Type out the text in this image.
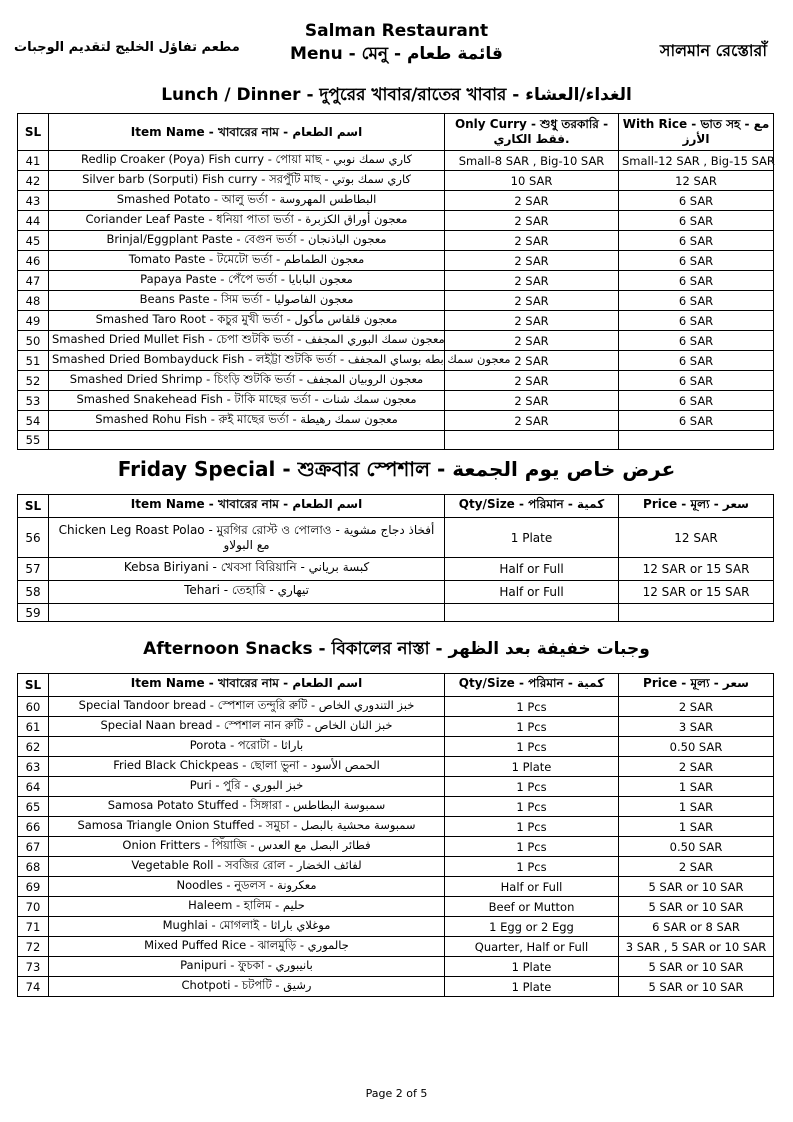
مطعم تفاؤل الخليج لتقديم الوجبات
Salman Restaurant
Menu - মেনু - قائمة طعام	সালমান রেস্তোরাঁ
Lunch / Dinner - দুপুরের খাবার/রাতের খাবার - الغداء/العشاء
SL	Item Name - খাবারের নাম - اسم الطعام	Only Curry - শুধু তরকারি - فقط الكاري.	With Rice - ভাত সহ - مع الأرز
41	Redlip Croaker (Poya) Fish curry - পোয়া মাছ - كاري سمك نوبي	Small-8 SAR , Big-10 SAR	Small-12 SAR , Big-15 SAR
42	Silver barb (Sorputi) Fish curry - সরপুঁটি মাছ - كاري سمك بوتي	10 SAR	12 SAR
43	Smashed Potato - আলু ভর্তা - البطاطس المهروسة	2 SAR	6 SAR
44	Coriander Leaf Paste - ধনিয়া পাতা ভর্তা - معجون أوراق الكزبرة	2 SAR	6 SAR
45	Brinjal/Eggplant Paste - বেগুন ভর্তা - معجون الباذنجان	2 SAR	6 SAR
46	Tomato Paste - টমেটো ভর্তা - معجون الطماطم	2 SAR	6 SAR
47	Papaya Paste - পেঁপে ভর্তা - معجون البابايا	2 SAR	6 SAR
48	Beans Paste - সিম ভর্তা - معجون الفاصوليا	2 SAR	6 SAR
49	Smashed Taro Root - কচুর মুখী ভর্তা - معجون قلقاس مأكول	2 SAR	6 SAR
50	Smashed Dried Mullet Fish - চেপা শুটকি ভর্তা - معجون سمك البوري المجفف	2 SAR	6 SAR
51	Smashed Dried Bombayduck Fish - লইট্টা শুটকি ভর্তা - معجون سمك بطه بوساي المجفف	2 SAR	6 SAR
52	Smashed Dried Shrimp - চিংড়ি শুটকি ভর্তা - معجون الروبيان المجفف	2 SAR	6 SAR
53	Smashed Snakehead Fish - টাকি মাছের ভর্তা - معجون سمك شنات	2 SAR	6 SAR
54	Smashed Rohu Fish - রুই মাছের ভর্তা - معجون سمك رهيطة	2 SAR	6 SAR
55			
Friday Special - শুক্রবার স্পেশাল - عرض خاص يوم الجمعة
SL	Item Name - খাবারের নাম - اسم الطعام	Qty/Size - পরিমান - كمية	Price - মূল্য - سعر
56	Chicken Leg Roast Polao - মুরগির রোস্ট ও পোলাও - أفخاذ دجاج مشوية مع البولاو	1 Plate	12 SAR
57	Kebsa Biriyani - খেবসা বিরিয়ানি - كبسة برياني	Half or Full	12 SAR or 15 SAR
58	Tehari - তেহারি - تيهاري	Half or Full	12 SAR or 15 SAR
59			
Afternoon Snacks - বিকালের নাস্তা - وجبات خفيفة بعد الظهر
SL	Item Name - খাবারের নাম - اسم الطعام	Qty/Size - পরিমান - كمية	Price - মূল্য - سعر
60	Special Tandoor bread - স্পেশাল তন্দুরি রুটি - خبز التندوري الخاص	1 Pcs	2 SAR
61	Special Naan bread - স্পেশাল নান রুটি - خبز النان الخاص	1 Pcs	3 SAR
62	Porota - পরোটা - باراثا	1 Pcs	0.50 SAR
63	Fried Black Chickpeas - ছোলা ভুনা - الحمص الأسود	1 Plate	2 SAR
64	Puri - পুরি - خبز البوري	1 Pcs	1 SAR
65	Samosa Potato Stuffed - সিঙ্গারা - سمبوسة البطاطس	1 Pcs	1 SAR
66	Samosa Triangle Onion Stuffed - সমুচা - سمبوسة محشية بالبصل	1 Pcs	1 SAR
67	Onion Fritters - পিঁয়াজি - فطائر البصل مع العدس	1 Pcs	0.50 SAR
68	Vegetable Roll - সবজির রোল - لفائف الخضار	1 Pcs	2 SAR
69	Noodles - নুডলস - معكرونة	Half or Full	5 SAR or 10 SAR
70	Haleem - হালিম - حليم	Beef or Mutton	5 SAR or 10 SAR
71	Mughlai - মোগলাই - موغلاي باراثا	1 Egg or 2 Egg	6 SAR or 8 SAR
72	Mixed Puffed Rice - ঝালমুড়ি - جالموري	Quarter, Half or Full	3 SAR , 5 SAR or 10 SAR
73	Panipuri - ফুচকা - بانيبوري	1 Plate	5 SAR or 10 SAR
74	Chotpoti - চটপটি - رشيق	1 Plate	5 SAR or 10 SAR
Page 2 of 5
